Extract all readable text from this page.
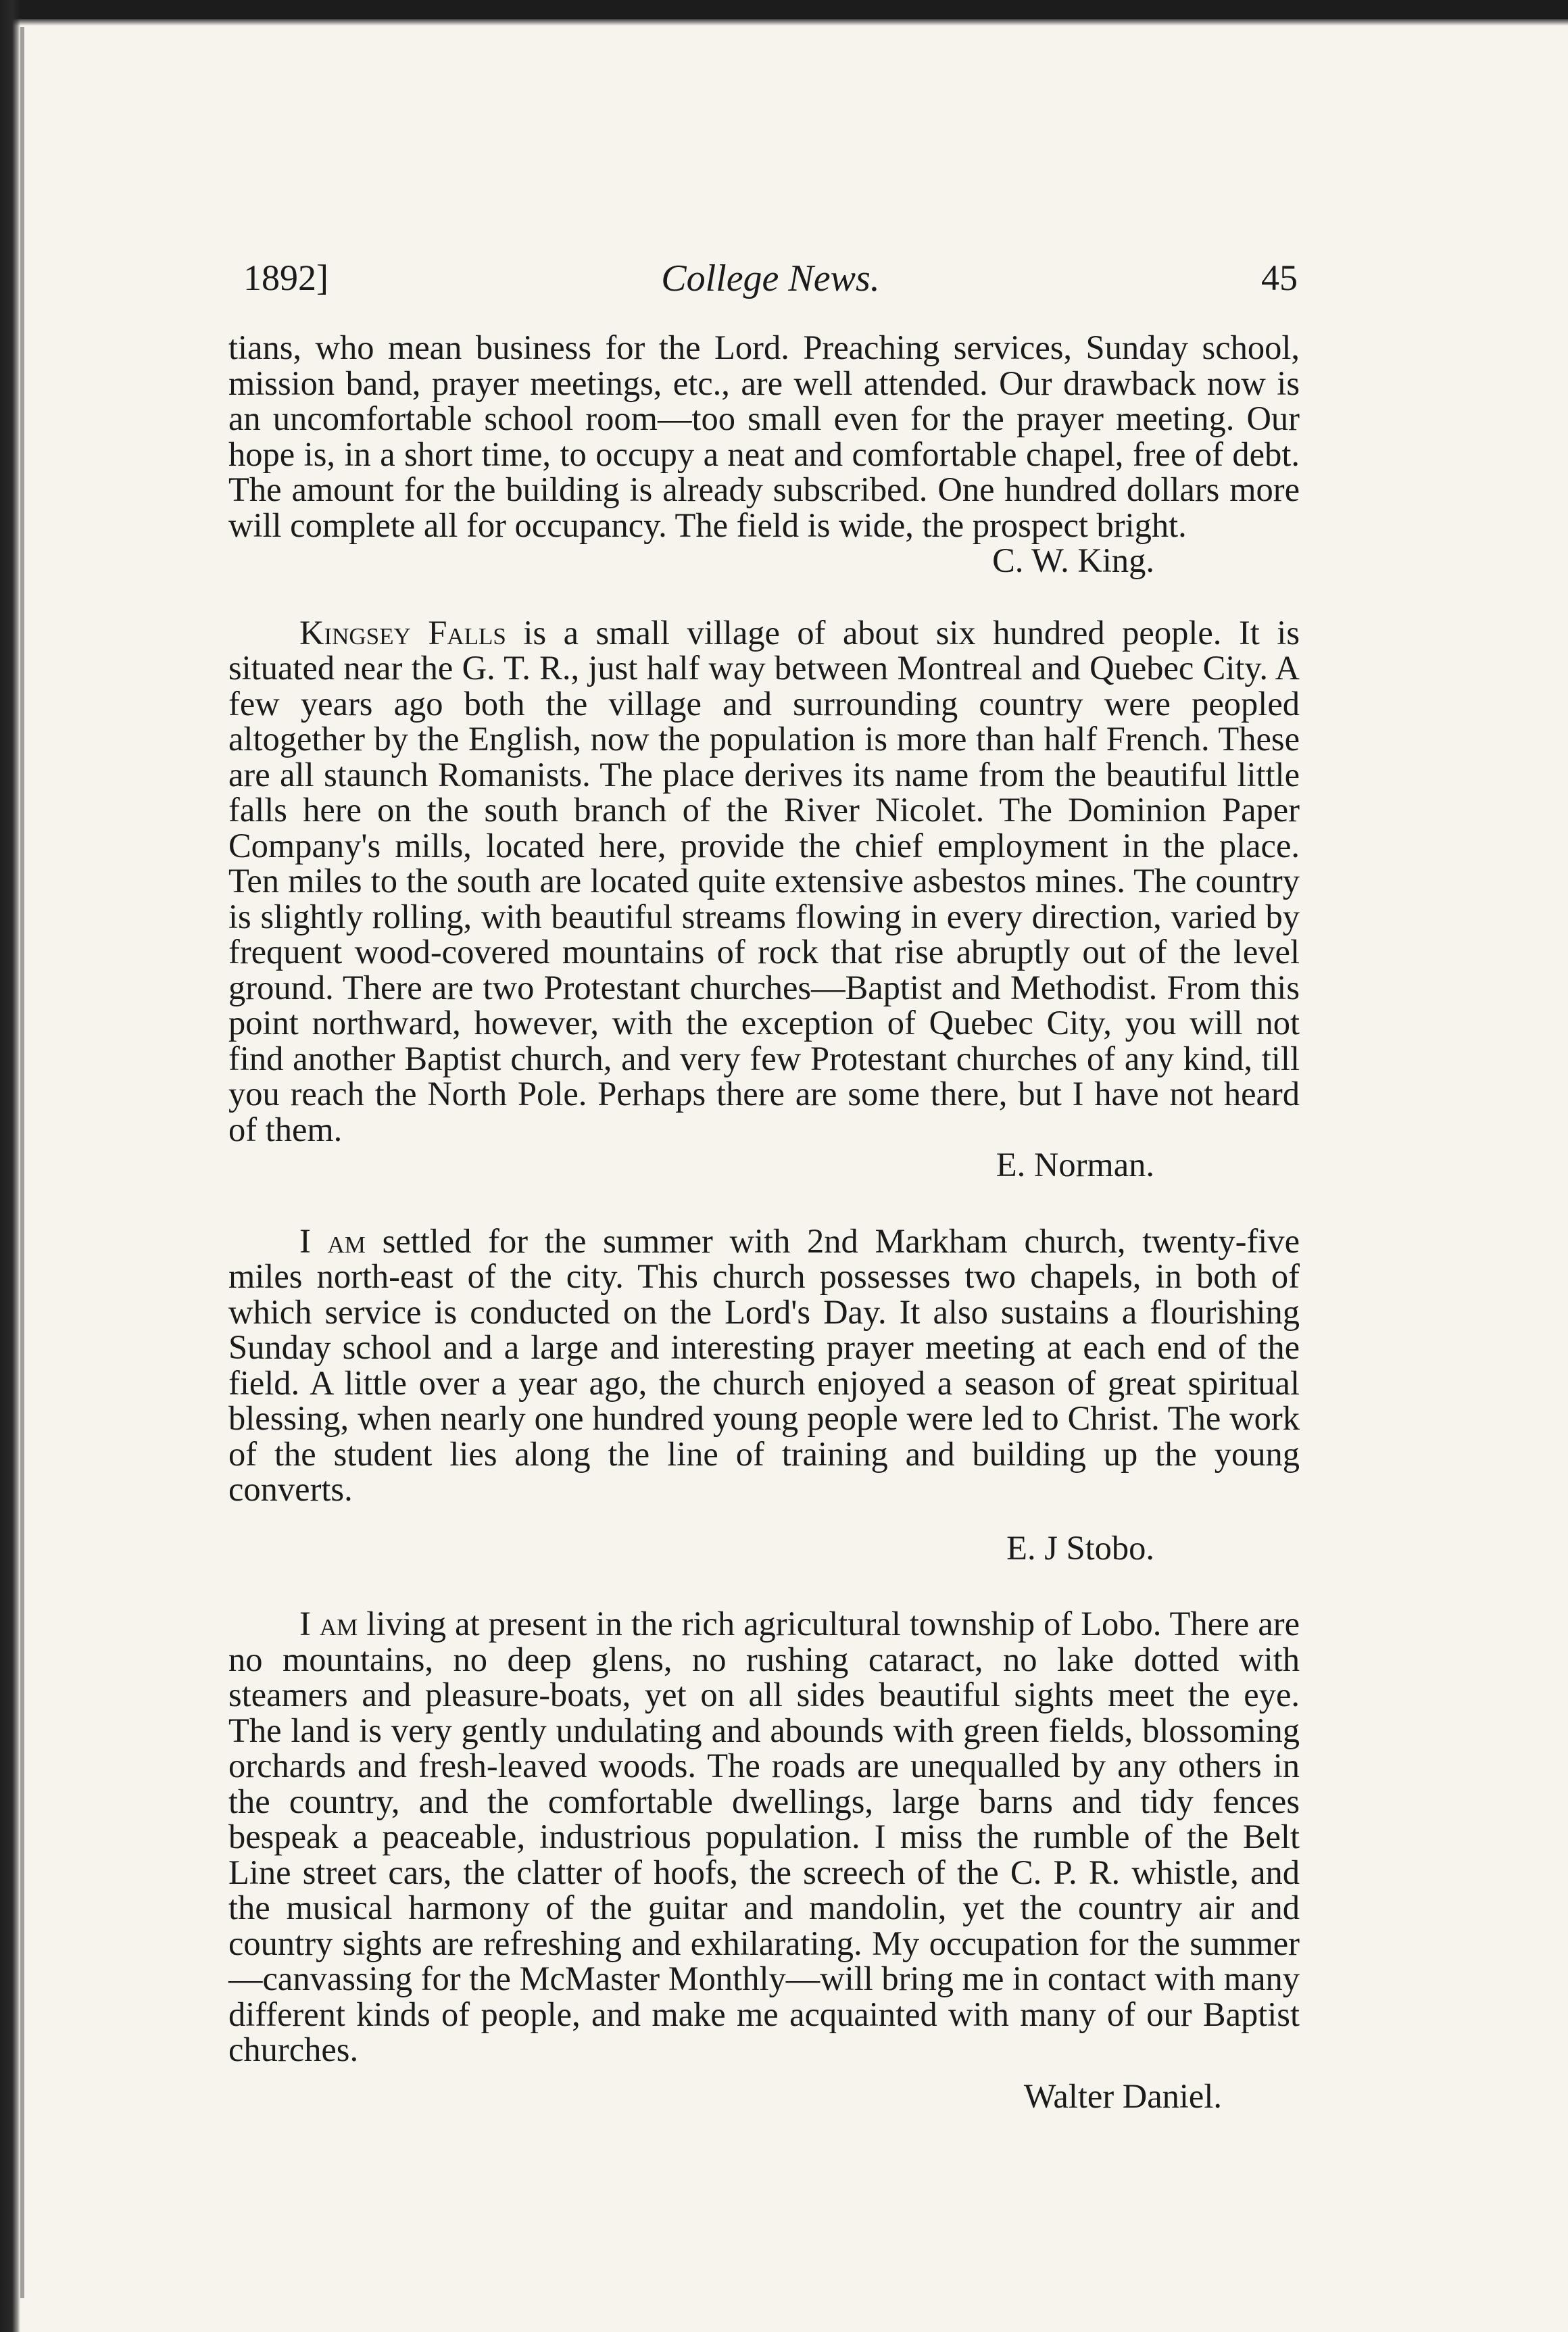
1892]	College News.	45

tians, who mean business for the Lord. Preaching services, Sunday school, mission band, prayer meetings, etc., are well attended. Our drawback now is an uncomfortable school room—too small even for the prayer meeting. Our hope is, in a short time, to occupy a neat and comfortable chapel, free of debt. The amount for the building is already subscribed. One hundred dollars more will complete all for occupancy. The field is wide, the prospect bright.

C. W. King.

Kingsey Falls is a small village of about six hundred people. It is situated near the G. T. R., just half way between Montreal and Quebec City. A few years ago both the village and surrounding country were peopled altogether by the English, now the population is more than half French. These are all staunch Romanists. The place derives its name from the beautiful little falls here on the south branch of the River Nicolet. The Dominion Paper Company's mills, located here, provide the chief employment in the place. Ten miles to the south are located quite extensive asbestos mines. The country is slightly rolling, with beautiful streams flowing in every direction, varied by frequent wood-covered mountains of rock that rise abruptly out of the level ground. There are two Protestant churches—Baptist and Methodist. From this point northward, however, with the exception of Quebec City, you will not find another Baptist church, and very few Protestant churches of any kind, till you reach the North Pole. Perhaps there are some there, but I have not heard of them.

E. Norman.

I am settled for the summer with 2nd Markham church, twenty-five miles north-east of the city. This church possesses two chapels, in both of which service is conducted on the Lord's Day. It also sustains a flourishing Sunday school and a large and interesting prayer meeting at each end of the field. A little over a year ago, the church enjoyed a season of great spiritual blessing, when nearly one hundred young people were led to Christ. The work of the student lies along the line of training and building up the young converts.

E. J Stobo.

I am living at present in the rich agricultural township of Lobo. There are no mountains, no deep glens, no rushing cataract, no lake dotted with steamers and pleasure-boats, yet on all sides beautiful sights meet the eye. The land is very gently undulating and abounds with green fields, blossoming orchards and fresh-leaved woods. The roads are unequalled by any others in the country, and the comfortable dwellings, large barns and tidy fences bespeak a peaceable, industrious population. I miss the rumble of the Belt Line street cars, the clatter of hoofs, the screech of the C. P. R. whistle, and the musical harmony of the guitar and mandolin, yet the country air and country sights are refreshing and exhilarating. My occupation for the summer—canvassing for the McMaster Monthly—will bring me in contact with many different kinds of people, and make me acquainted with many of our Baptist churches.

Walter Daniel.
